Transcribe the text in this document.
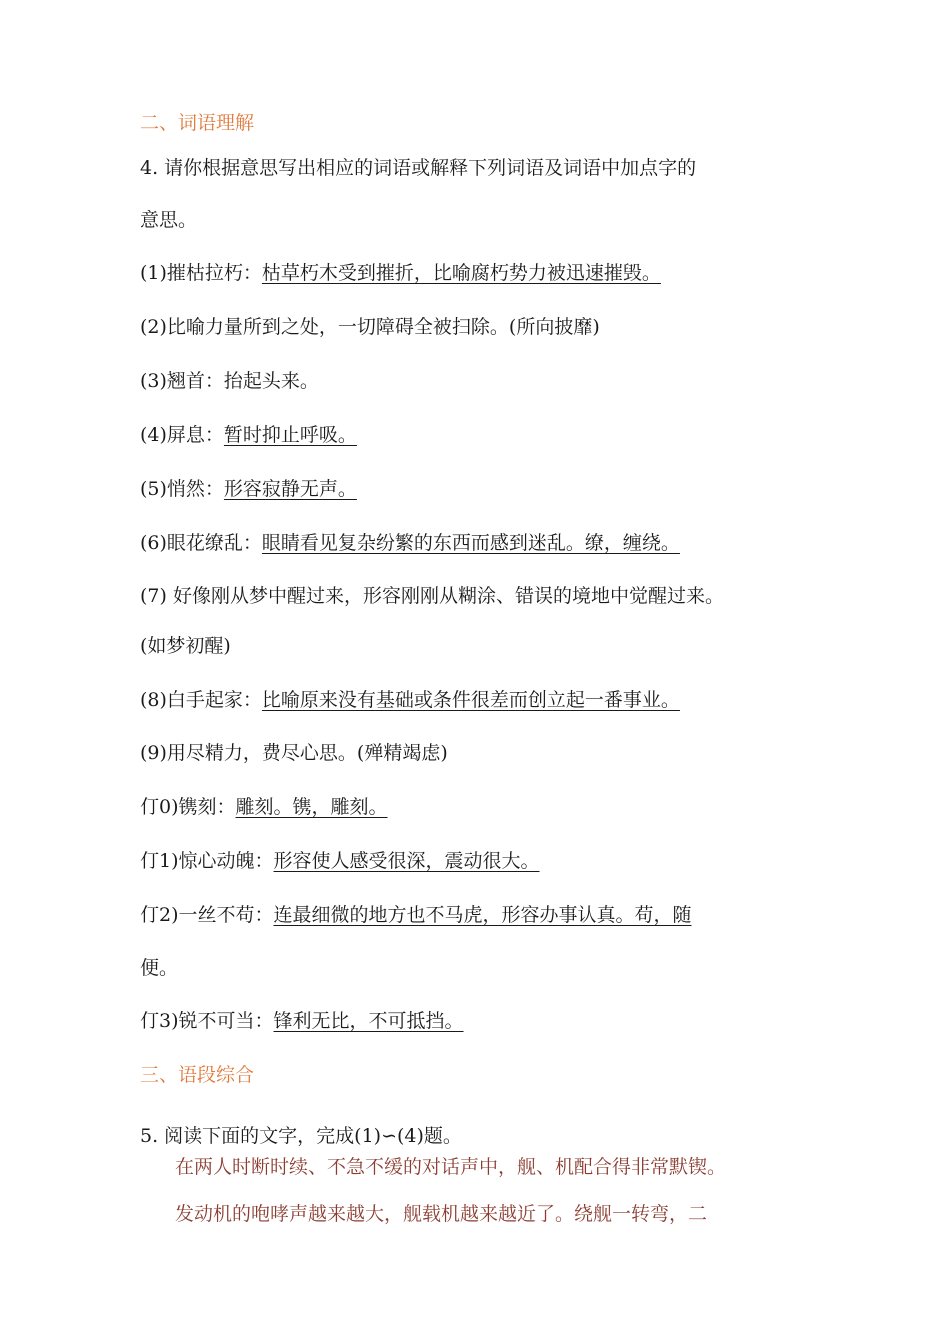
二、词语理解
4. 请你根据意思写出相应的词语或解释下列词语及词语中加点字的
意思。
(1)摧枯拉朽：枯草朽木受到摧折，比喻腐朽势力被迅速摧毁。
(2)比喻力量所到之处，一切障碍全被扫除。(所向披靡)
(3)翘首：抬起头来。
(4)屏息：暂时抑止呼吸。
(5)悄然：形容寂静无声。
(6)眼花缭乱：眼睛看见复杂纷繁的东西而感到迷乱。缭，缠绕。
(7) 好像刚从梦中醒过来，形容刚刚从糊涂、错误的境地中觉醒过来。
(如梦初醒)
(8)白手起家：比喻原来没有基础或条件很差而创立起一番事业。
(9)用尽精力，费尽心思。(殚精竭虑)
仃0)镌刻：雕刻。镌，雕刻。
仃1)惊心动魄：形容使人感受很深，震动很大。
仃2)一丝不苟：连最细微的地方也不马虎，形容办事认真。苟，随
便。
仃3)锐不可当：锋利无比，不可抵挡。
三、语段综合
5. 阅读下面的文字，完成(1)∽(4)题。
在两人时断时续、不急不缓的对话声中，舰、机配合得非常默锲。
发动机的咆哮声越来越大，舰载机越来越近了。绕舰一转弯，二
